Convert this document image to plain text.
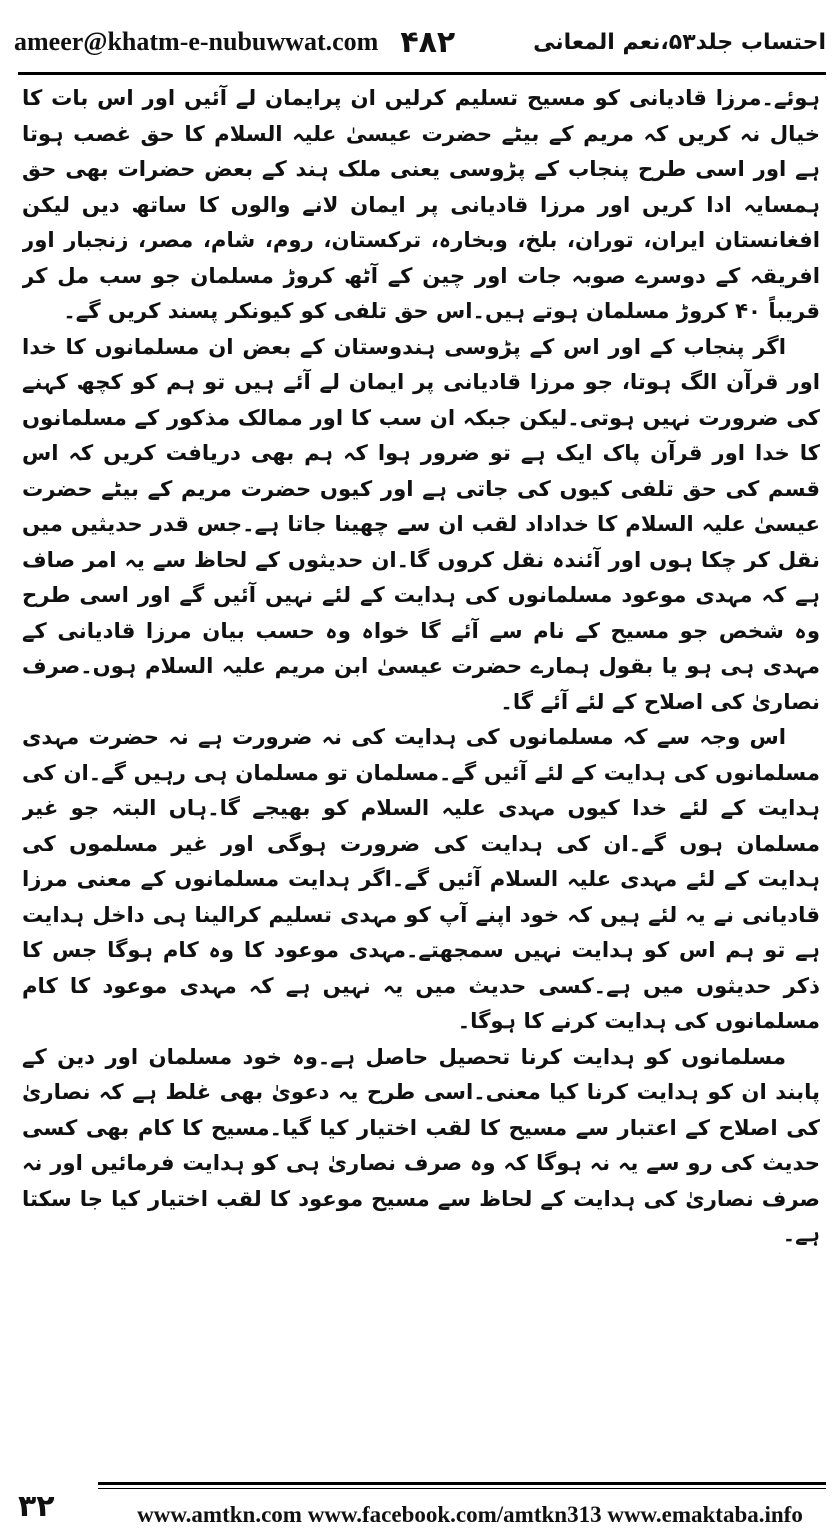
ameer@khatm-e-nubuwwat.com ۴۸۲	احتساب جلد۵۳،نعم المعانی

ہوئے۔مرزا قادیانی کو مسیح تسلیم کرلیں ان پرایمان لے آئیں اور اس بات کا خیال نہ کریں کہ مریم کے بیٹے حضرت عیسیٰ علیہ السلام کا حق غصب ہوتا ہے اور اسی طرح پنجاب کے پڑوسی یعنی ملک ہند کے بعض حضرات بھی حق ہمسایہ ادا کریں اور مرزا قادیانی پر ایمان لانے والوں کا ساتھ دیں لیکن افغانستان ایران، توران، بلخ، وبخارہ، ترکستان، روم، شام، مصر، زنجبار اور افریقہ کے دوسرے صوبہ جات اور چین کے آٹھ کروڑ مسلمان جو سب مل کر قریباً ۴۰ کروڑ مسلمان ہوتے ہیں۔اس حق تلفی کو کیونکر پسند کریں گے۔

اگر پنجاب کے اور اس کے پڑوسی ہندوستان کے بعض ان مسلمانوں کا خدا اور قرآن الگ ہوتا، جو مرزا قادیانی پر ایمان لے آئے ہیں تو ہم کو کچھ کہنے کی ضرورت نہیں ہوتی۔لیکن جبکہ ان سب کا اور ممالک مذکور کے مسلمانوں کا خدا اور قرآن پاک ایک ہے تو ضرور ہوا کہ ہم بھی دریافت کریں کہ اس قسم کی حق تلفی کیوں کی جاتی ہے اور کیوں حضرت مریم کے بیٹے حضرت عیسیٰ علیہ السلام کا خداداد لقب ان سے چھینا جاتا ہے۔جس قدر حدیثیں میں نقل کر چکا ہوں اور آئندہ نقل کروں گا۔ان حدیثوں کے لحاظ سے یہ امر صاف ہے کہ مہدی موعود مسلمانوں کی ہدایت کے لئے نہیں آئیں گے اور اسی طرح وہ شخص جو مسیح کے نام سے آئے گا خواہ وہ حسب بیان مرزا قادیانی کے مہدی ہی ہو یا بقول ہمارے حضرت عیسیٰ ابن مریم علیہ السلام ہوں۔صرف نصاریٰ کی اصلاح کے لئے آئے گا۔

اس وجہ سے کہ مسلمانوں کی ہدایت کی نہ ضرورت ہے نہ حضرت مہدی مسلمانوں کی ہدایت کے لئے آئیں گے۔مسلمان تو مسلمان ہی رہیں گے۔ان کی ہدایت کے لئے خدا کیوں مہدی علیہ السلام کو بھیجے گا۔ہاں البتہ جو غیر مسلمان ہوں گے۔ان کی ہدایت کی ضرورت ہوگی اور غیر مسلموں کی ہدایت کے لئے مہدی علیہ السلام آئیں گے۔اگر ہدایت مسلمانوں کے معنی مرزا قادیانی نے یہ لئے ہیں کہ خود اپنے آپ کو مہدی تسلیم کرالینا ہی داخل ہدایت ہے تو ہم اس کو ہدایت نہیں سمجھتے۔مہدی موعود کا وہ کام ہوگا جس کا ذکر حدیثوں میں ہے۔کسی حدیث میں یہ نہیں ہے کہ مہدی موعود کا کام مسلمانوں کی ہدایت کرنے کا ہوگا۔

مسلمانوں کو ہدایت کرنا تحصیل حاصل ہے۔وہ خود مسلمان اور دین کے پابند ان کو ہدایت کرنا کیا معنی۔اسی طرح یہ دعویٰ بھی غلط ہے کہ نصاریٰ کی اصلاح کے اعتبار سے مسیح کا لقب اختیار کیا گیا۔مسیح کا کام بھی کسی حدیث کی رو سے یہ نہ ہوگا کہ وہ صرف نصاریٰ ہی کو ہدایت فرمائیں اور نہ صرف نصاریٰ کی ہدایت کے لحاظ سے مسیح موعود کا لقب اختیار کیا جا سکتا ہے۔

۳۲	www.amtkn.com www.facebook.com/amtkn313 www.emaktaba.info
